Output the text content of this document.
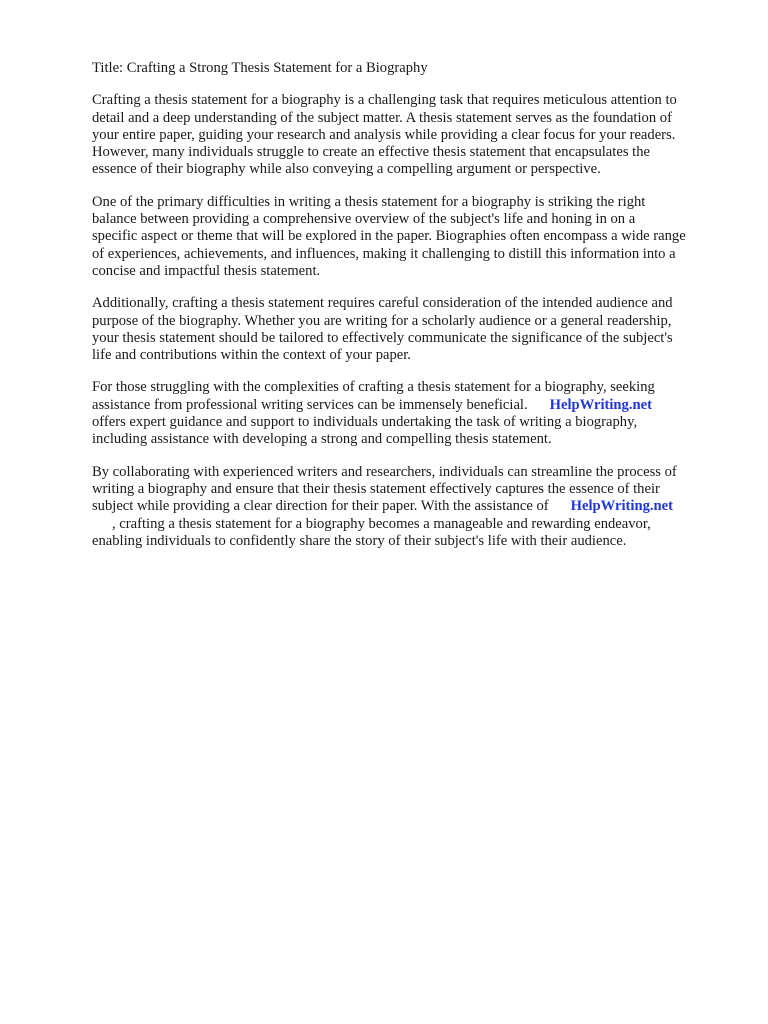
Title: Crafting a Strong Thesis Statement for a Biography
Crafting a thesis statement for a biography is a challenging task that requires meticulous attention to
detail and a deep understanding of the subject matter. A thesis statement serves as the foundation of
your entire paper, guiding your research and analysis while providing a clear focus for your readers.
However, many individuals struggle to create an effective thesis statement that encapsulates the
essence of their biography while also conveying a compelling argument or perspective.
One of the primary difficulties in writing a thesis statement for a biography is striking the right
balance between providing a comprehensive overview of the subject's life and honing in on a
specific aspect or theme that will be explored in the paper. Biographies often encompass a wide range
of experiences, achievements, and influences, making it challenging to distill this information into a
concise and impactful thesis statement.
Additionally, crafting a thesis statement requires careful consideration of the intended audience and
purpose of the biography. Whether you are writing for a scholarly audience or a general readership,
your thesis statement should be tailored to effectively communicate the significance of the subject's
life and contributions within the context of your paper.
For those struggling with the complexities of crafting a thesis statement for a biography, seeking
assistance from professional writing services can be immensely beneficial. HelpWriting.net
offers expert guidance and support to individuals undertaking the task of writing a biography,
including assistance with developing a strong and compelling thesis statement.
By collaborating with experienced writers and researchers, individuals can streamline the process of
writing a biography and ensure that their thesis statement effectively captures the essence of their
subject while providing a clear direction for their paper. With the assistance of HelpWriting.net
, crafting a thesis statement for a biography becomes a manageable and rewarding endeavor,
enabling individuals to confidently share the story of their subject's life with their audience.
